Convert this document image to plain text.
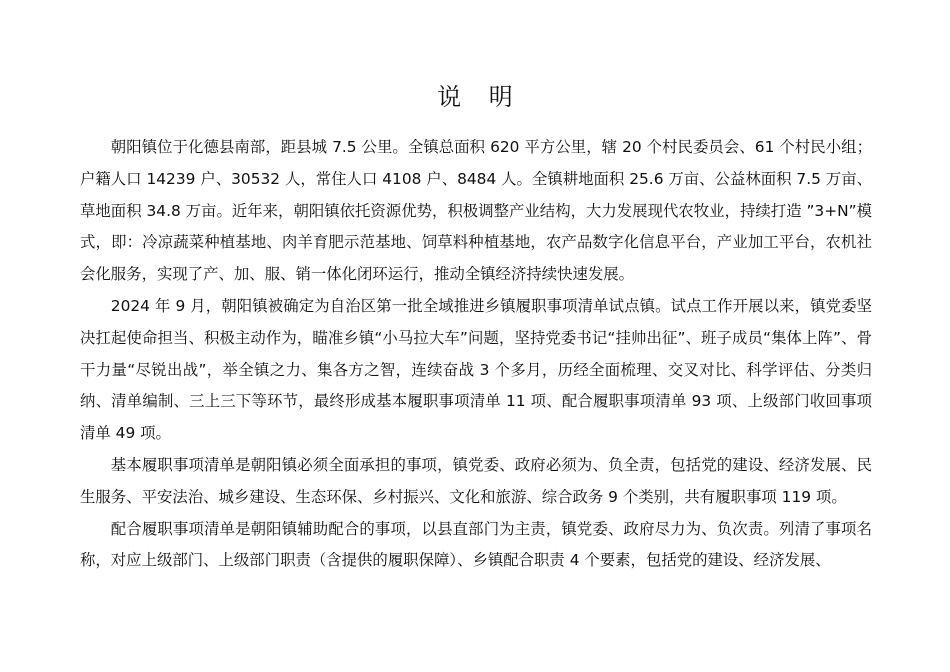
说 明

朝阳镇位于化德县南部，距县城 7.5 公里。全镇总面积 620 平方公里，辖 20 个村民委员会、61 个村民小组；户籍人口 14239 户、30532 人，常住人口 4108 户、8484 人。全镇耕地面积 25.6 万亩、公益林面积 7.5 万亩、草地面积 34.8 万亩。近年来，朝阳镇依托资源优势，积极调整产业结构，大力发展现代农牧业，持续打造 ”3+N”模式，即：冷凉蔬菜种植基地、肉羊育肥示范基地、饲草料种植基地，农产品数字化信息平台，产业加工平台，农机社会化服务，实现了产、加、服、销一体化闭环运行，推动全镇经济持续快速发展。

2024 年 9 月，朝阳镇被确定为自治区第一批全域推进乡镇履职事项清单试点镇。试点工作开展以来，镇党委坚决扛起使命担当、积极主动作为，瞄准乡镇“小马拉大车”问题，坚持党委书记“挂帅出征”、班子成员“集体上阵”、骨干力量“尽锐出战”，举全镇之力、集各方之智，连续奋战 3 个多月，历经全面梳理、交叉对比、科学评估、分类归纳、清单编制、三上三下等环节，最终形成基本履职事项清单 11 项、配合履职事项清单 93 项、上级部门收回事项清单 49 项。

基本履职事项清单是朝阳镇必须全面承担的事项，镇党委、政府必须为、负全责，包括党的建设、经济发展、民生服务、平安法治、城乡建设、生态环保、乡村振兴、文化和旅游、综合政务 9 个类别，共有履职事项 119 项。

配合履职事项清单是朝阳镇辅助配合的事项，以县直部门为主责，镇党委、政府尽力为、负次责。列清了事项名称，对应上级部门、上级部门职责（含提供的履职保障）、乡镇配合职责 4 个要素，包括党的建设、经济发展、
